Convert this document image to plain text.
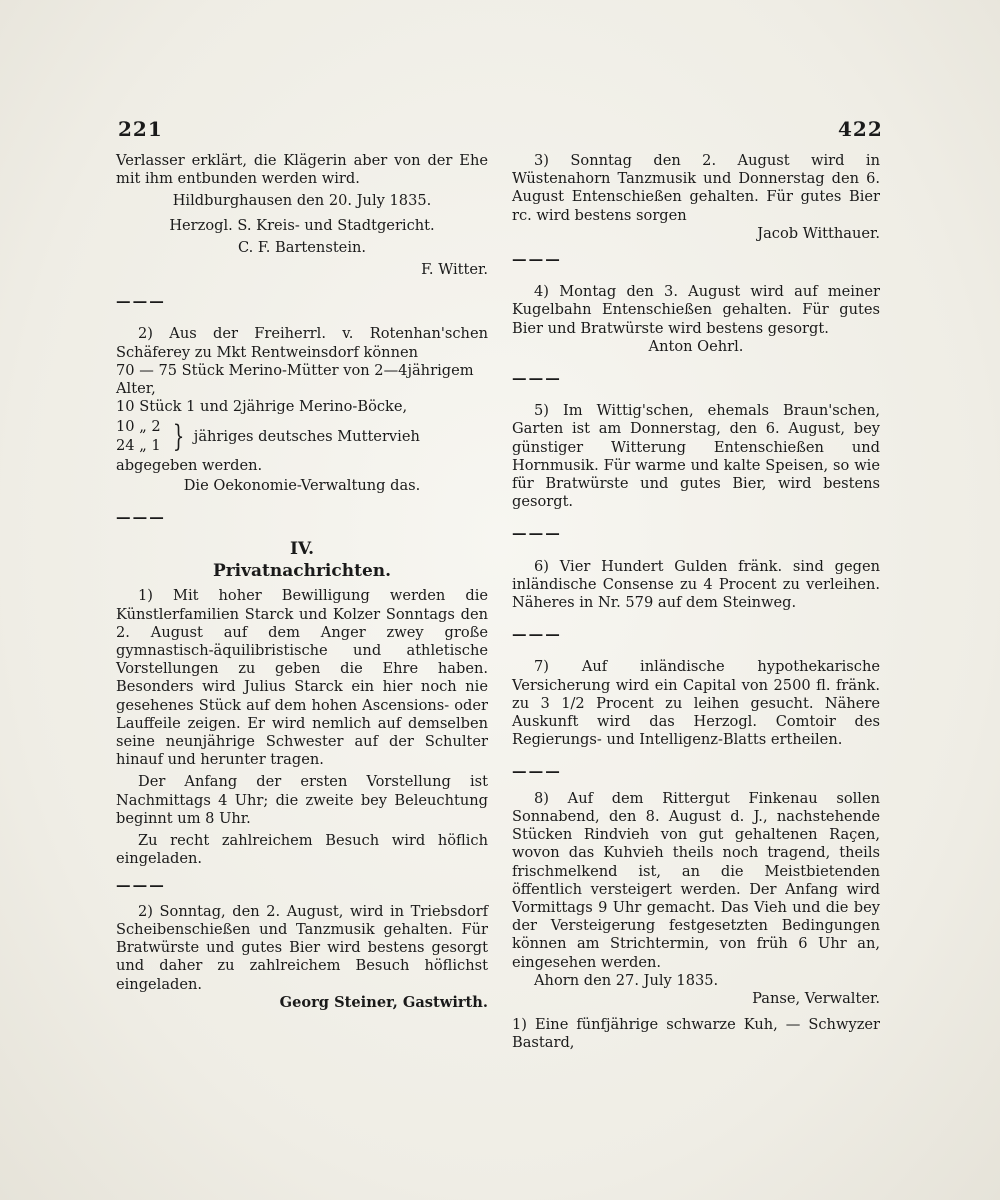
221	422

Verlasser erklärt, die Klägerin aber von der Ehe mit ihm entbunden werden wird.

Hildburghausen den 20. July 1835.

Herzogl. S. Kreis- und Stadtgericht.

C. F. Bartenstein.

F. Witter.

———

2) Aus der Freiherrl. v. Rotenhan'schen Schäferey zu Mkt Rentweinsdorf können

70 — 75 Stück Merino-Mütter von 2—4jährigem Alter,

10 Stück 1 und 2jährige Merino-Böcke,

10 „ 2
24 „ 1 } jähriges deutsches Muttervieh

abgegeben werden.

Die Oekonomie-Verwaltung das.

———

IV.
Privatnachrichten.

1) Mit hoher Bewilligung werden die Künstlerfamilien Starck und Kolzer Sonntags den 2. August auf dem Anger zwey große gymnastisch-äquilibristische und athletische Vorstellungen zu geben die Ehre haben. Besonders wird Julius Starck ein hier noch nie gesehenes Stück auf dem hohen Ascensions- oder Lauffeile zeigen. Er wird nemlich auf demselben seine neunjährige Schwester auf der Schulter hinauf und herunter tragen.

Der Anfang der ersten Vorstellung ist Nachmittags 4 Uhr; die zweite bey Beleuchtung beginnt um 8 Uhr.

Zu recht zahlreichem Besuch wird höflich eingeladen.

———

2) Sonntag, den 2. August, wird in Triebsdorf Scheibenschießen und Tanzmusik gehalten. Für Bratwürste und gutes Bier wird bestens gesorgt und daher zu zahlreichem Besuch höflichst eingeladen.

Georg Steiner, Gastwirth.

3) Sonntag den 2. August wird in Wüstenahorn Tanzmusik und Donnerstag den 6. August Entenschießen gehalten. Für gutes Bier rc. wird bestens sorgen

Jacob Witthauer.

———

4) Montag den 3. August wird auf meiner Kugelbahn Entenschießen gehalten. Für gutes Bier und Bratwürste wird bestens gesorgt.

Anton Oehrl.

———

5) Im Wittig'schen, ehemals Braun'schen, Garten ist am Donnerstag, den 6. August, bey günstiger Witterung Entenschießen und Hornmusik. Für warme und kalte Speisen, so wie für Bratwürste und gutes Bier, wird bestens gesorgt.

———

6) Vier Hundert Gulden fränk. sind gegen inländische Consense zu 4 Procent zu verleihen. Näheres in Nr. 579 auf dem Steinweg.

———

7) Auf inländische hypothekarische Versicherung wird ein Capital von 2500 fl. fränk. zu 3 1/2 Procent zu leihen gesucht. Nähere Auskunft wird das Herzogl. Comtoir des Regierungs- und Intelligenz-Blatts ertheilen.

———

8) Auf dem Rittergut Finkenau sollen Sonnabend, den 8. August d. J., nachstehende Stücken Rindvieh von gut gehaltenen Raçen, wovon das Kuhvieh theils noch tragend, theils frischmelkend ist, an die Meistbietenden öffentlich versteigert werden. Der Anfang wird Vormittags 9 Uhr gemacht. Das Vieh und die bey der Versteigerung festgesetzten Bedingungen können am Strichtermin, von früh 6 Uhr an, eingesehen werden.

Ahorn den 27. July 1835.

Panse, Verwalter.

1) Eine fünfjährige schwarze Kuh, — Schwyzer Bastard,
